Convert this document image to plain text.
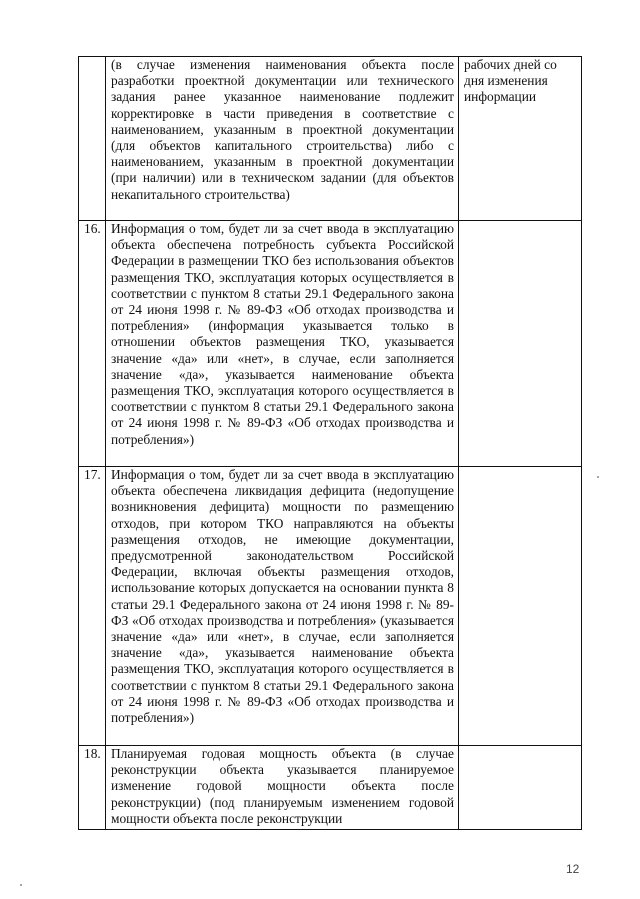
	(в случае изменения наименования объекта после разработки проектной документации или технического задания ранее указанное наименование подлежит корректировке в части приведения в соответствие с наименованием, указанным в проектной документации (для объектов капитального строительства) либо с наименованием, указанным в проектной документации (при наличии) или в техническом задании (для объектов некапитального строительства)	рабочих дней со дня изменения информации
16.	Информация о том, будет ли за счет ввода в эксплуатацию объекта обеспечена потребность субъекта Российской Федерации в размещении ТКО без использования объектов размещения ТКО, эксплуатация которых осуществляется в соответствии с пунктом 8 статьи 29.1 Федерального закона от 24 июня 1998 г. № 89-ФЗ «Об отходах производства и потребления» (информация указывается только в отношении объектов размещения ТКО, указывается значение «да» или «нет», в случае, если заполняется значение «да», указывается наименование объекта размещения ТКО, эксплуатация которого осуществляется в соответствии с пунктом 8 статьи 29.1 Федерального закона от 24 июня 1998 г. № 89-ФЗ «Об отходах производства и потребления»)	
17.	Информация о том, будет ли за счет ввода в эксплуатацию объекта обеспечена ликвидация дефицита (недопущение возникновения дефицита) мощности по размещению отходов, при котором ТКО направляются на объекты размещения отходов, не имеющие документации, предусмотренной законодательством Российской Федерации, включая объекты размещения отходов, использование которых допускается на основании пункта 8 статьи 29.1 Федерального закона от 24 июня 1998 г. № 89-ФЗ «Об отходах производства и потребления» (указывается значение «да» или «нет», в случае, если заполняется значение «да», указывается наименование объекта размещения ТКО, эксплуатация которого осуществляется в соответствии с пунктом 8 статьи 29.1 Федерального закона от 24 июня 1998 г. № 89-ФЗ «Об отходах производства и потребления»)	
18.	Планируемая годовая мощность объекта (в случае реконструкции объекта указывается планируемое изменение годовой мощности объекта после реконструкции) (под планируемым изменением годовой мощности объекта после реконструкции	
12
